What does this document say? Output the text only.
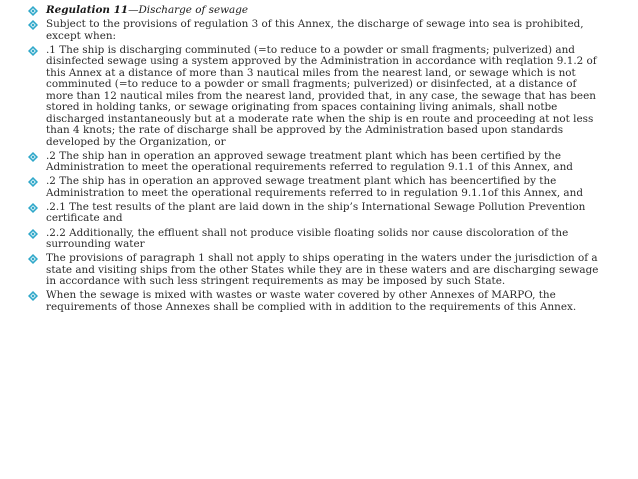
Regulation 11—Discharge of sewage
Subject to the provisions of regulation 3 of this Annex, the discharge of sewage into sea is prohibited, except when:
.1 The ship is discharging comminuted (=to reduce to a powder or small fragments; pulverized) and disinfected sewage using a system approved by the Administration in accordance with reqlation 9.1.2 of this Annex at a distance of more than 3 nautical miles from the nearest land, or sewage which is not comminuted (=to reduce to a powder or small fragments; pulverized) or disinfected, at a distance of more than 12 nautical miles from the nearest land, provided that, in any case, the sewage that has been stored in holding tanks, or sewage originating from spaces containing living animals, shall notbe discharged instantaneously but at a moderate rate when the ship is en route and proceeding at not less than 4 knots; the rate of discharge shall be approved by the Administration based upon standards developed by the Organization, or
.2 The ship han in operation an approved sewage treatment plant which has been certified by the Administration to meet the operational requirements referred to regulation 9.1.1 of this Annex, and
.2 The ship has in operation an approved sewage treatment plant which has beencertified by the Administration to meet the operational requirements referred to in regulation 9.1.1of this Annex, and
.2.1 The test results of the plant are laid down in the ship’s International Sewage Pollution Prevention certificate and
.2.2 Additionally, the effluent shall not produce visible floating solids nor cause discoloration of the surrounding water
The provisions of paragraph 1 shall not apply to ships operating in the waters under the jurisdiction of a state and visiting ships from the other States while they are in these waters and are discharging sewage in accordance with such less stringent requirements as may be imposed by such State.
When the sewage is mixed with wastes or waste water covered by other Annexes of MARPO, the requirements of those Annexes shall be complied with in addition to the requirements of this Annex.
